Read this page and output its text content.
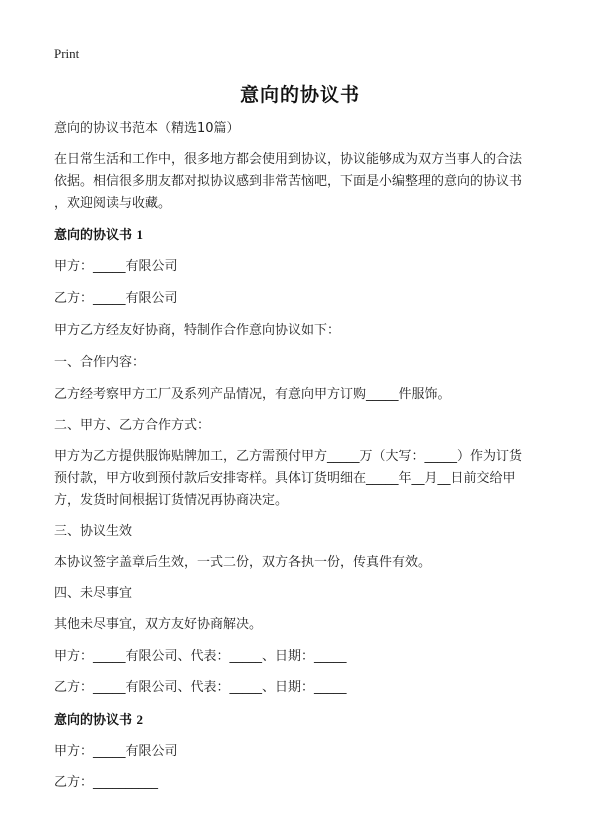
Print
意向的协议书
意向的协议书范本（精选10篇）
在日常生活和工作中，很多地方都会使用到协议，协议能够成为双方当事人的合法
依据。相信很多朋友都对拟协议感到非常苦恼吧，下面是小编整理的意向的协议书
，欢迎阅读与收藏。
意向的协议书 1
甲方：_____有限公司
乙方：_____有限公司
甲方乙方经友好协商，特制作合作意向协议如下：
一、合作内容：
乙方经考察甲方工厂及系列产品情况，有意向甲方订购_____件服饰。
二、甲方、乙方合作方式：
甲方为乙方提供服饰贴牌加工，乙方需预付甲方_____万（大写：_____）作为订货
预付款，甲方收到预付款后安排寄样。具体订货明细在_____年__月__日前交给甲
方，发货时间根据订货情况再协商决定。
三、协议生效
本协议签字盖章后生效，一式二份，双方各执一份，传真件有效。
四、未尽事宜
其他未尽事宜，双方友好协商解决。
甲方：_____有限公司、代表：_____、日期：_____
乙方：_____有限公司、代表：_____、日期：_____
意向的协议书 2
甲方：_____有限公司
乙方：__________
